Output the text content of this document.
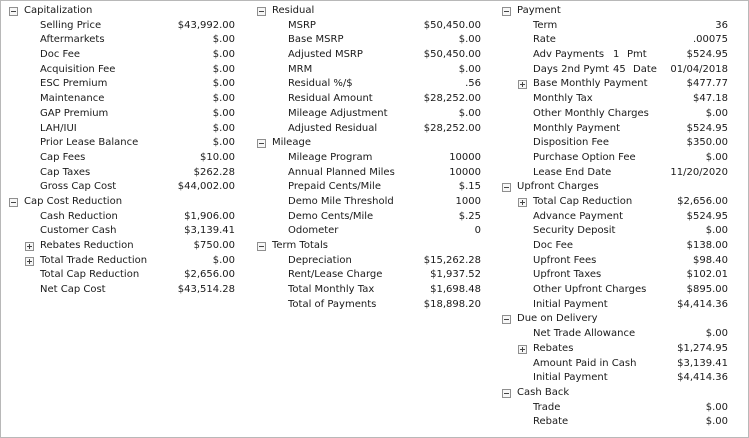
Capitalization
Selling Price	$43,992.00
Aftermarkets	$.00
Doc Fee	$.00
Acquisition Fee	$.00
ESC Premium	$.00
Maintenance	$.00
GAP Premium	$.00
LAH/IUI	$.00
Prior Lease Balance	$.00
Cap Fees	$10.00
Cap Taxes	$262.28
Gross Cap Cost	$44,002.00
Cap Cost Reduction
Cash Reduction	$1,906.00
Customer Cash	$3,139.41
Rebates Reduction	$750.00
Total Trade Reduction	$.00
Total Cap Reduction	$2,656.00
Net Cap Cost	$43,514.28
Residual
MSRP	$50,450.00
Base MSRP	$.00
Adjusted MSRP	$50,450.00
MRM	$.00
Residual %/$	.56
Residual Amount	$28,252.00
Mileage Adjustment	$.00
Adjusted Residual	$28,252.00
Mileage
Mileage Program	10000
Annual Planned Miles	10000
Prepaid Cents/Mile	$.15
Demo Mile Threshold	1000
Demo Cents/Mile	$.25
Odometer	0
Term Totals
Depreciation	$15,262.28
Rent/Lease Charge	$1,937.52
Total Monthly Tax	$1,698.48
Total of Payments	$18,898.20
Payment
Term	36
Rate	.00075
Adv Payments 1 Pmt	$524.95
Days 2nd Pymt 45 Date 01/04/2018
Base Monthly Payment	$477.77
Monthly Tax	$47.18
Other Monthly Charges	$.00
Monthly Payment	$524.95
Disposition Fee	$350.00
Purchase Option Fee	$.00
Lease End Date	11/20/2020
Upfront Charges
Total Cap Reduction	$2,656.00
Advance Payment	$524.95
Security Deposit	$.00
Doc Fee	$138.00
Upfront Fees	$98.40
Upfront Taxes	$102.01
Other Upfront Charges	$895.00
Initial Payment	$4,414.36
Due on Delivery
Net Trade Allowance	$.00
Rebates	$1,274.95
Amount Paid in Cash	$3,139.41
Initial Payment	$4,414.36
Cash Back
Trade	$.00
Rebate	$.00
